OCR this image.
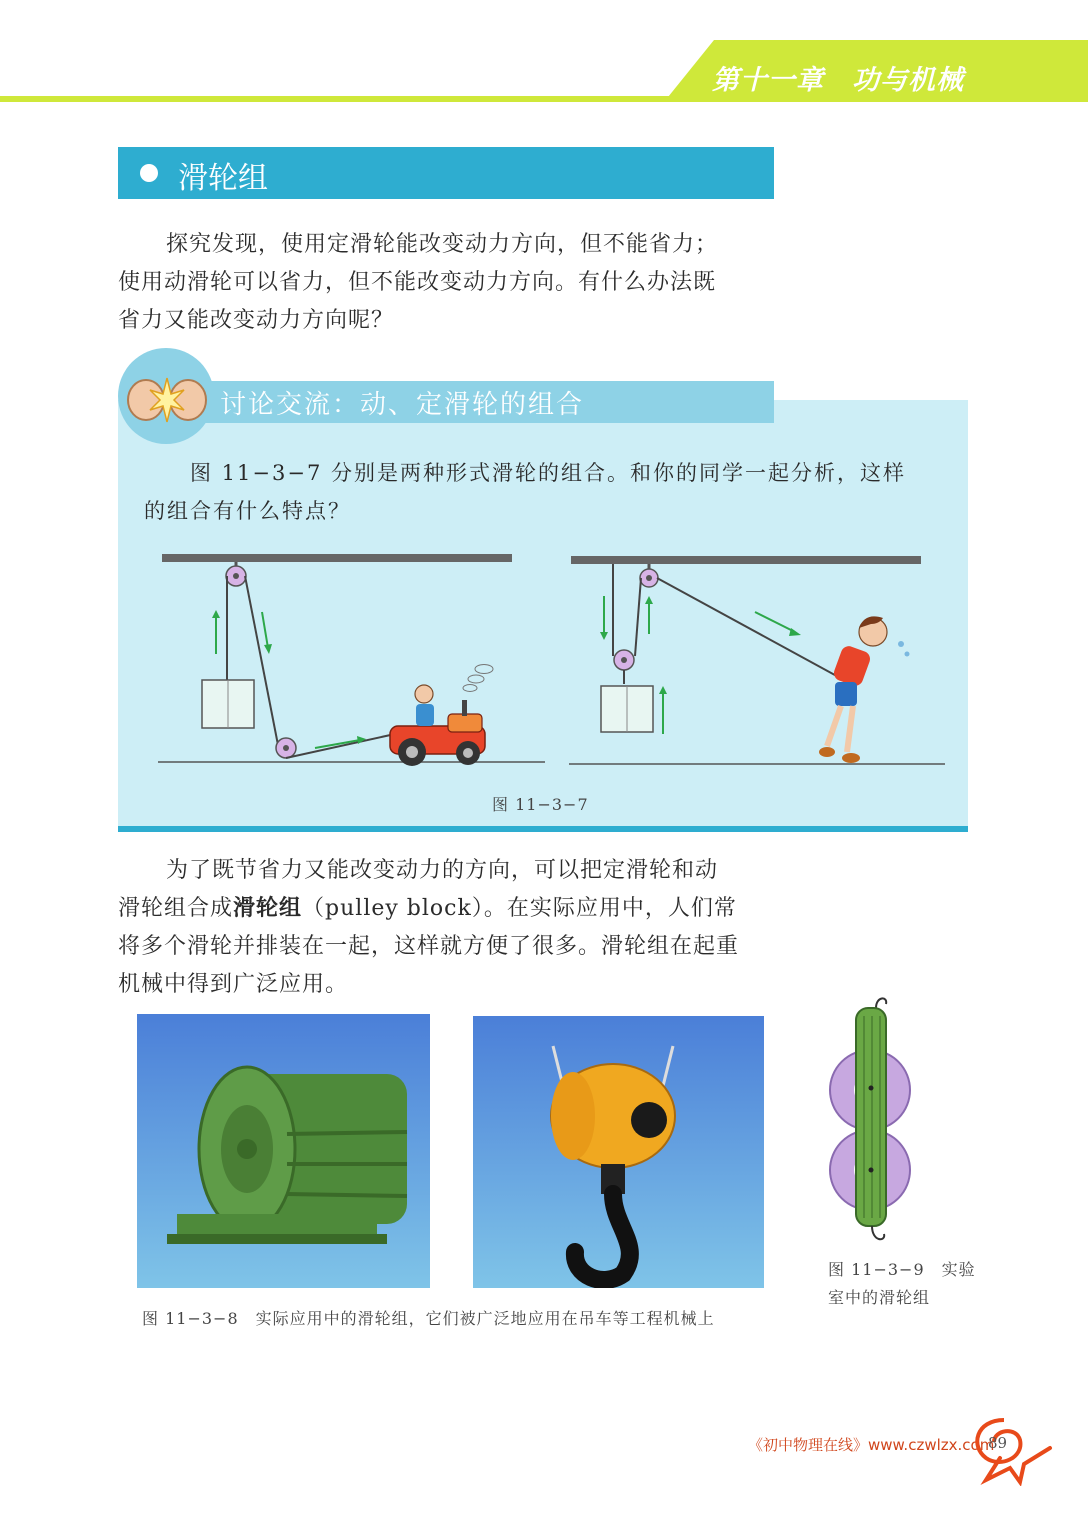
第十一章　功与机械
滑轮组

探究发现，使用定滑轮能改变动力方向，但不能省力；

使用动滑轮可以省力，但不能改变动力方向。有什么办法既

省力又能改变动力方向呢？

讨论交流：动、定滑轮的组合
图 11−3−7 分别是两种形式滑轮的组合。和你的同学一起分析，这样
的组合有什么特点？
图 11−3−7

为了既节省力又能改变动力的方向，可以把定滑轮和动

滑轮组合成滑轮组（pulley block）。在实际应用中，人们常

将多个滑轮并排装在一起，这样就方便了很多。滑轮组在起重

机械中得到广泛应用。

图 11−3−9　实验
室中的滑轮组
图 11−3−8　实际应用中的滑轮组，它们被广泛地应用在吊车等工程机械上
《初中物理在线》www.czwlzx.com
89
